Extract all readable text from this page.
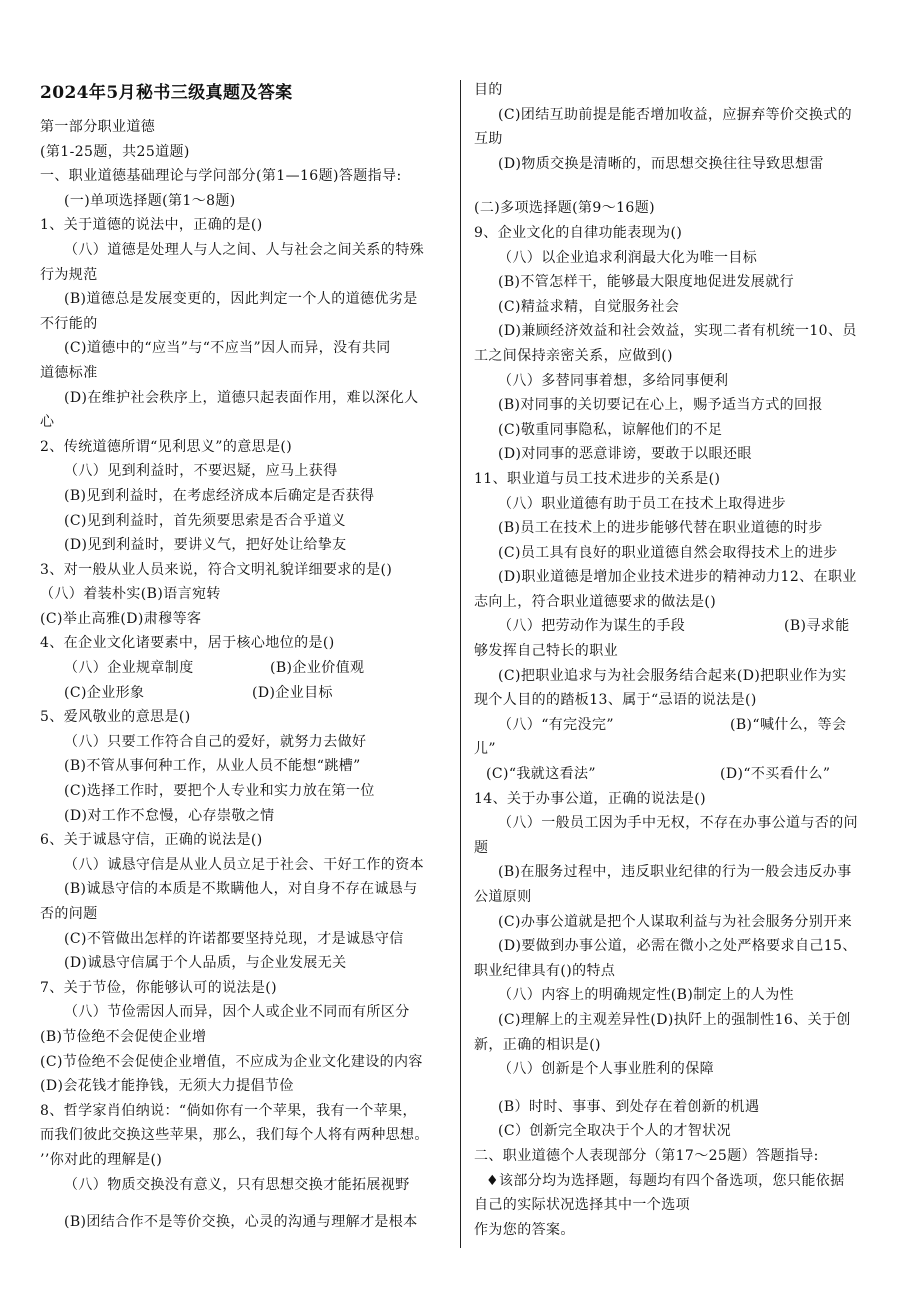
2024年5月秘书三级真题及答案
第一部分职业道德
(第1-25题，共25道题)
一、职业道德基础理论与学问部分(第1—16题)答题指导:
(一)单项选择题(第1～8题)
1、关于道德的说法中，正确的是()
（八）道德是处理人与人之间、人与社会之间关系的特殊
行为规范
(B)道德总是发展变更的，因此判定一个人的道德优劣是
不行能的
(C)道德中的“应当”与“不应当”因人而异，没有共同
道德标准
(D)在维护社会秩序上，道德只起表面作用，难以深化人
心
2、传统道德所谓“见利思义”的意思是()
（八）见到利益时，不要迟疑，应马上获得
(B)见到利益时，在考虑经济成本后确定是否获得
(C)见到利益时，首先须要思索是否合乎道义
(D)见到利益时，要讲义气，把好处让给挚友
3、对一般从业人员来说，符合文明礼貌详细要求的是()
（八）着装朴实(B)语言宛转
(C)举止高雅(D)肃穆等客
4、在企业文化诸要素中，居于核心地位的是()
（八）企业规章制度	(B)企业价值观
(C)企业形象	(D)企业目标
5、爱风敬业的意思是()
（八）只要工作符合自己的爱好，就努力去做好
(B)不管从事何种工作，从业人员不能想“跳槽”
(C)选择工作时，要把个人专业和实力放在第一位
(D)对工作不怠慢，心存崇敬之情
6、关于诚恳守信，正确的说法是()
（八）诚恳守信是从业人员立足于社会、干好工作的资本
(B)诚恳守信的本质是不欺瞒他人，对自身不存在诚恳与
否的问题
(C)不管做出怎样的许诺都要坚持兑现，才是诚恳守信
(D)诚恳守信属于个人品质，与企业发展无关
7、关于节俭，你能够认可的说法是()
（八）节俭需因人而异，因个人或企业不同而有所区分
(B)节俭绝不会促使企业增
(C)节俭绝不会促使企业增值，不应成为企业文化建设的内容
(D)会花钱才能挣钱，无须大力提倡节俭
8、哲学家肖伯纳说：“倘如你有一个苹果，我有一个苹果，
而我们彼此交换这些苹果，那么，我们每个人将有两种思想。
’’你对此的理解是()
（八）物质交换没有意义，只有思想交换才能拓展视野
(B)团结合作不是等价交换，心灵的沟通与理解才是根本
目的
(C)团结互助前提是能否增加收益，应摒弃等价交换式的
互助
(D)物质交换是清晰的，而思想交换往往导致思想雷
(二)多项选择题(第9～16题)
9、企业文化的自律功能表现为()
（八）以企业追求利润最大化为唯一目标
(B)不管怎样干，能够最大限度地促进发展就行
(C)精益求精，自觉服务社会
(D)兼顾经济效益和社会效益，实现二者有机统一10、员
工之间保持亲密关系，应做到()
（八）多替同事着想，多给同事便利
(B)对同事的关切要记在心上，赐予适当方式的回报
(C)敬重同事隐私，谅解他们的不足
(D)对同事的恶意诽谤，要敢于以眼还眼
11、职业道与员工技术进步的关系是()
（八）职业道德有助于员工在技术上取得进步
(B)员工在技术上的进步能够代替在职业道德的时步
(C)员工具有良好的职业道德自然会取得技术上的进步
(D)职业道德是增加企业技术进步的精神动力12、在职业
志向上，符合职业道德要求的做法是()
（八）把劳动作为谋生的手段	(B)寻求能
够发挥自己特长的职业
(C)把职业追求与为社会服务结合起来(D)把职业作为实
现个人目的的踏板13、属于“忌语的说法是()
（八）“有完没完”	(B)“喊什么，等会
儿”
(C)“我就这看法”	(D)“不买看什么”
14、关于办事公道，正确的说法是()
（八）一般员工因为手中无权，不存在办事公道与否的问
题
(B)在服务过程中，违反职业纪律的行为一般会违反办事
公道原则
(C)办事公道就是把个人谋取利益与为社会服务分别开来
(D)要做到办事公道，必需在微小之处严格要求自己15、
职业纪律具有()的特点
（八）内容上的明确规定性(B)制定上的人为性
(C)理解上的主观差异性(D)执阡上的强制性16、关于创
新，正确的相识是()
（八）创新是个人事业胜利的保障
(B）时时、事事、到处存在着创新的机遇
(C）创新完全取决于个人的才智状况
二、职业道德个人表现部分（第17～25题）答题指导:
♦该部分均为选择题，每题均有四个备选项，您只能依据
自己的实际状况选择其中一个选项
作为您的答案。
